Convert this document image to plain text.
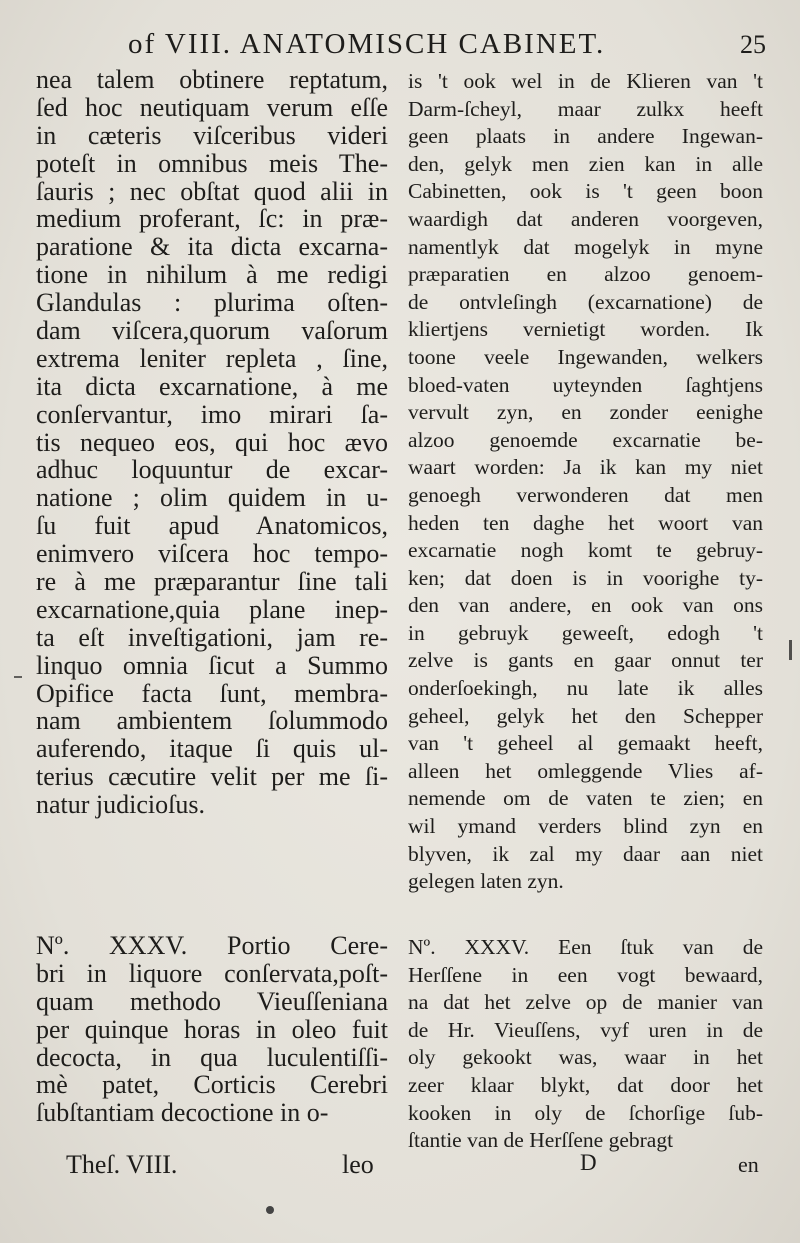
of VIII. ANATOMISCH CABINET.	25
nea talem obtinere reptatum,
ſed hoc neutiquam verum eſſe
in cæteris viſceribus videri
poteſt in omnibus meis The-
ſauris ; nec obſtat quod alii in
medium proferant, ſc: in præ-
paratione & ita dicta excarna-
tione in nihilum à me redigi
Glandulas : plurima oſten-
dam viſcera,quorum vaſorum
extrema leniter repleta , ſine,
ita dicta excarnatione, à me
conſervantur, imo mirari ſa-
tis nequeo eos, qui hoc ævo
adhuc loquuntur de excar-
natione ; olim quidem in u-
ſu fuit apud Anatomicos,
enimvero viſcera hoc tempo-
re à me præparantur ſine tali
excarnatione,quia plane inep-
ta eſt inveſtigationi, jam re-
linquo omnia ſicut a Summo
Opifice facta ſunt, membra-
nam ambientem ſolummodo
auferendo, itaque ſi quis ul-
terius cæcutire velit per me ſi-
natur judicioſus.
is 't ook wel in de Klieren van 't
Darm-ſcheyl, maar zulkx heeft
geen plaats in andere Ingewan-
den, gelyk men zien kan in alle
Cabinetten, ook is 't geen boon
waardigh dat anderen voorgeven,
namentlyk dat mogelyk in myne
præparatien en alzoo genoem-
de ontvleſingh (excarnatione) de
kliertjens vernietigt worden. Ik
toone veele Ingewanden, welkers
bloed-vaten uyteynden ſaghtjens
vervult zyn, en zonder eenighe
alzoo genoemde excarnatie be-
waart worden: Ja ik kan my niet
genoegh verwonderen dat men
heden ten daghe het woort van
excarnatie nogh komt te gebruy-
ken; dat doen is in voorighe ty-
den van andere, en ook van ons
in gebruyk geweeſt, edogh 't
zelve is gants en gaar onnut ter
onderſoekingh, nu late ik alles
geheel, gelyk het den Schepper
van 't geheel al gemaakt heeft,
alleen het omleggende Vlies af-
nemende om de vaten te zien; en
wil ymand verders blind zyn en
blyven, ik zal my daar aan niet
gelegen laten zyn.
Nº. XXXV. Portio Cere-
bri in liquore conſervata,poſt-
quam methodo Vieuſſeniana
per quinque horas in oleo fuit
decocta, in qua luculentiſſi-
mè patet, Corticis Cerebri
ſubſtantiam decoctione in o-
Nº. XXXV. Een ſtuk van de
Herſſene in een vogt bewaard,
na dat het zelve op de manier van
de Hr. Vieuſſens, vyf uren in de
oly gekookt was, waar in het
zeer klaar blykt, dat door het
kooken in oly de ſchorſige ſub-
ſtantie van de Herſſene gebragt
Theſ. VIII.	leo	D	en
